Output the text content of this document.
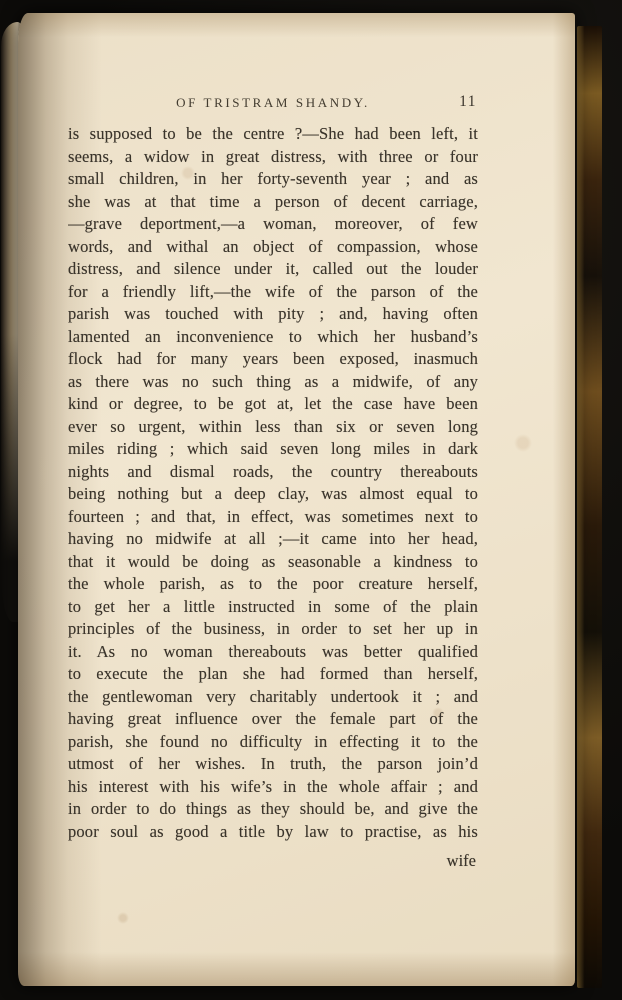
OF TRISTRAM SHANDY.	11
is supposed to be the centre ?—She had been left, it
seems, a widow in great distress, with three or four
small children, in her forty-seventh year ; and as
she was at that time a person of decent carriage,
—grave deportment,—a woman, moreover, of few
words, and withal an object of compassion, whose
distress, and silence under it, called out the louder
for a friendly lift,—the wife of the parson of the
parish was touched with pity ; and, having often
lamented an inconvenience to which her husband’s
flock had for many years been exposed, inasmuch
as there was no such thing as a midwife, of any
kind or degree, to be got at, let the case have been
ever so urgent, within less than six or seven long
miles riding ; which said seven long miles in dark
nights and dismal roads, the country thereabouts
being nothing but a deep clay, was almost equal to
fourteen ; and that, in effect, was sometimes next to
having no midwife at all ;—it came into her head,
that it would be doing as seasonable a kindness to
the whole parish, as to the poor creature herself,
to get her a little instructed in some of the plain
principles of the business, in order to set her up in
it. As no woman thereabouts was better qualified
to execute the plan she had formed than herself,
the gentlewoman very charitably undertook it ; and
having great influence over the female part of the
parish, she found no difficulty in effecting it to the
utmost of her wishes. In truth, the parson join’d
his interest with his wife’s in the whole affair ; and
in order to do things as they should be, and give the
poor soul as good a title by law to practise, as his
wife
